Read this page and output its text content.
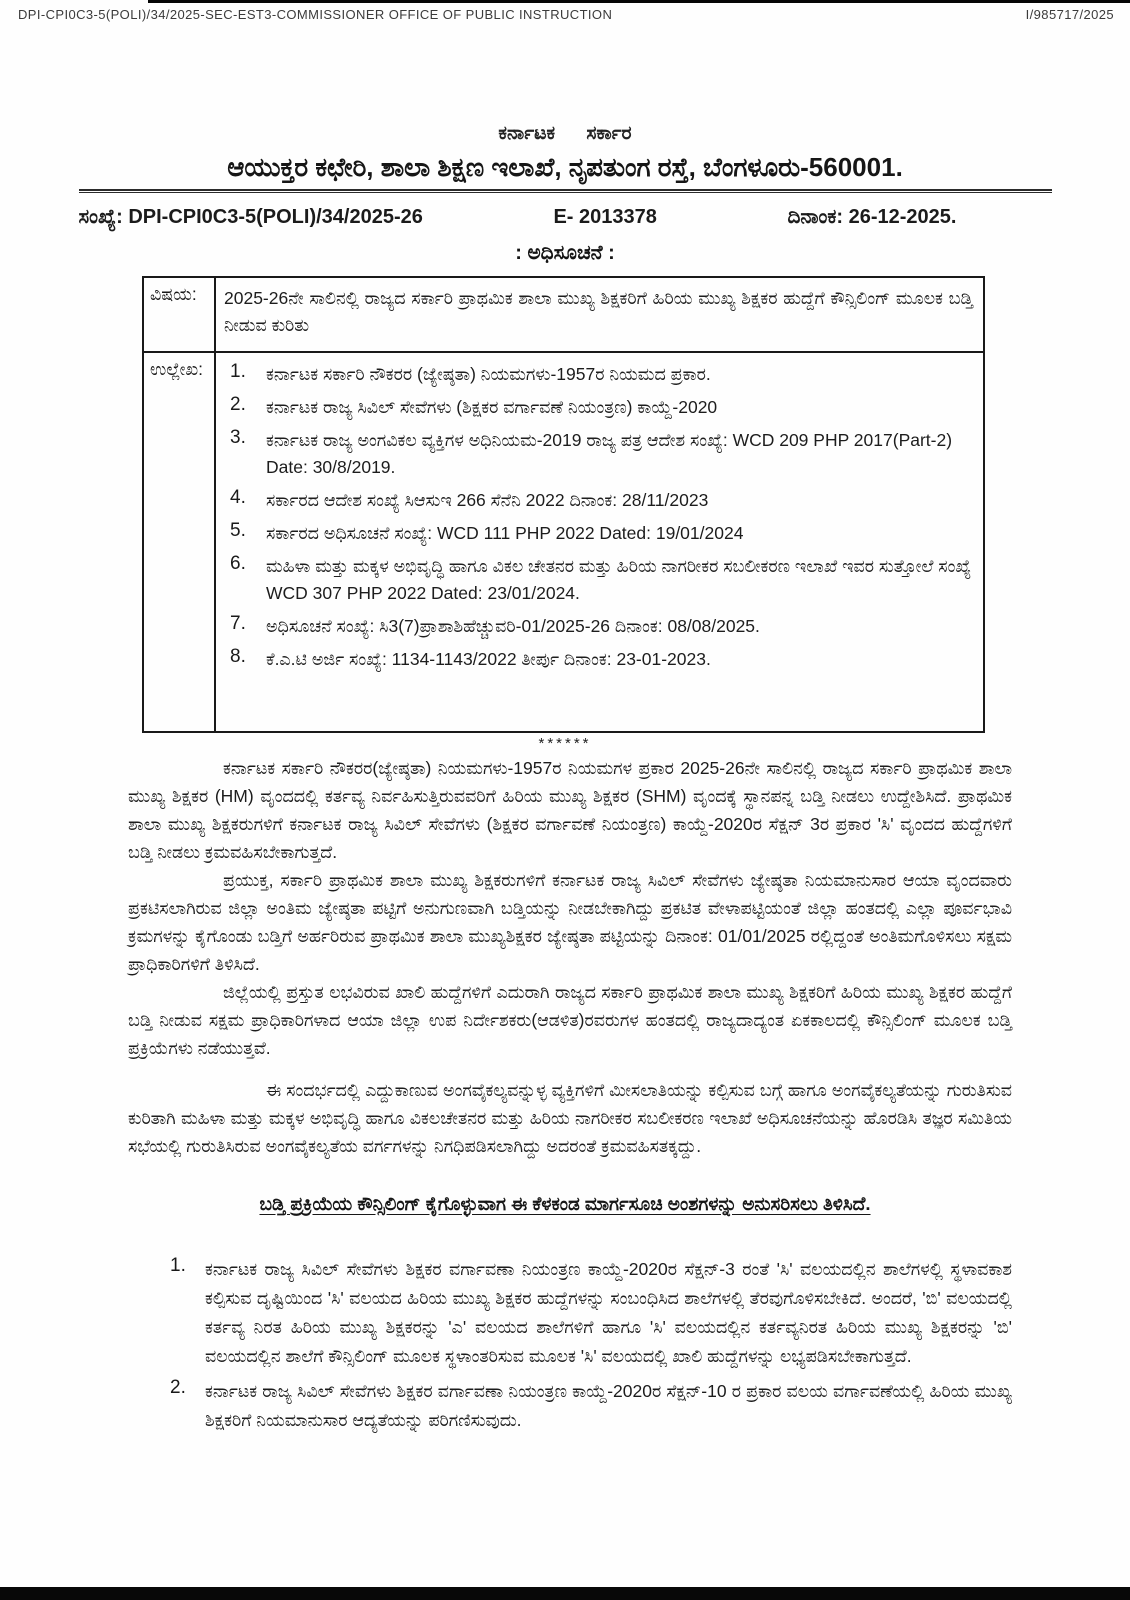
DPI-CPI0C3-5(POLI)/34/2025-SEC-EST3-COMMISSIONER OFFICE OF PUBLIC INSTRUCTION	I/985717/2025
ಕರ್ನಾಟಕ ಸರ್ಕಾರ
ಆಯುಕ್ತರ ಕಛೇರಿ, ಶಾಲಾ ಶಿಕ್ಷಣ ಇಲಾಖೆ, ನೃಪತುಂಗ ರಸ್ತೆ, ಬೆಂಗಳೂರು-560001.
ಸಂಖ್ಯೆ: DPI-CPI0C3-5(POLI)/34/2025-26	E- 2013378	ದಿನಾಂಕ: 26-12-2025.
: ಅಧಿಸೂಚನೆ :
ವಿಷಯ:	2025-26ನೇ ಸಾಲಿನಲ್ಲಿ ರಾಜ್ಯದ ಸರ್ಕಾರಿ ಪ್ರಾಥಮಿಕ ಶಾಲಾ ಮುಖ್ಯ ಶಿಕ್ಷಕರಿಗೆ ಹಿರಿಯ ಮುಖ್ಯ ಶಿಕ್ಷಕರ ಹುದ್ದೆಗೆ ಕೌನ್ಸಿಲಿಂಗ್ ಮೂಲಕ ಬಡ್ತಿ ನೀಡುವ ಕುರಿತು
ಉಲ್ಲೇಖ:	1.	ಕರ್ನಾಟಕ ಸರ್ಕಾರಿ ನೌಕರರ (ಜ್ಯೇಷ್ಠತಾ) ನಿಯಮಗಳು-1957ರ ನಿಯಮದ ಪ್ರಕಾರ.
2.	ಕರ್ನಾಟಕ ರಾಜ್ಯ ಸಿವಿಲ್ ಸೇವೆಗಳು (ಶಿಕ್ಷಕರ ವರ್ಗಾವಣೆ ನಿಯಂತ್ರಣ) ಕಾಯ್ದೆ-2020
3.	ಕರ್ನಾಟಕ ರಾಜ್ಯ ಅಂಗವಿಕಲ ವ್ಯಕ್ತಿಗಳ ಅಧಿನಿಯಮ-2019 ರಾಜ್ಯ ಪತ್ರ ಆದೇಶ ಸಂಖ್ಯೆ: WCD 209 PHP 2017(Part-2) Date: 30/8/2019.
4.	ಸರ್ಕಾರದ ಆದೇಶ ಸಂಖ್ಯೆ ಸಿಆಸುಇ 266 ಸೆನೆನಿ 2022 ದಿನಾಂಕ: 28/11/2023
5.	ಸರ್ಕಾರದ ಅಧಿಸೂಚನೆ ಸಂಖ್ಯೆ: WCD 111 PHP 2022 Dated: 19/01/2024
6.	ಮಹಿಳಾ ಮತ್ತು ಮಕ್ಕಳ ಅಭಿವೃದ್ಧಿ ಹಾಗೂ ವಿಕಲ ಚೇತನರ ಮತ್ತು ಹಿರಿಯ ನಾಗರೀಕರ ಸಬಲೀಕರಣ ಇಲಾಖೆ ಇವರ ಸುತ್ತೋಲೆ ಸಂಖ್ಯೆ WCD 307 PHP 2022 Dated: 23/01/2024.
7.	ಅಧಿಸೂಚನೆ ಸಂಖ್ಯೆ: ಸಿ3(7)ಪ್ರಾಶಾಶಿಹೆಚ್ಚುವರಿ-01/2025-26 ದಿನಾಂಕ: 08/08/2025.
8.	ಕೆ.ಎ.ಟಿ ಅರ್ಜಿ ಸಂಖ್ಯೆ: 1134-1143/2022 ತೀರ್ಪು ದಿನಾಂಕ: 23-01-2023.
******

ಕರ್ನಾಟಕ ಸರ್ಕಾರಿ ನೌಕರರ(ಜ್ಯೇಷ್ಠತಾ) ನಿಯಮಗಳು-1957ರ ನಿಯಮಗಳ ಪ್ರಕಾರ 2025-26ನೇ ಸಾಲಿನಲ್ಲಿ ರಾಜ್ಯದ ಸರ್ಕಾರಿ ಪ್ರಾಥಮಿಕ ಶಾಲಾ ಮುಖ್ಯ ಶಿಕ್ಷಕರ (HM) ವೃಂದದಲ್ಲಿ ಕರ್ತವ್ಯ ನಿರ್ವಹಿಸುತ್ತಿರುವವರಿಗೆ ಹಿರಿಯ ಮುಖ್ಯ ಶಿಕ್ಷಕರ (SHM) ವೃಂದಕ್ಕೆ ಸ್ಥಾನಪನ್ನ ಬಡ್ತಿ ನೀಡಲು ಉದ್ದೇಶಿಸಿದೆ. ಪ್ರಾಥಮಿಕ ಶಾಲಾ ಮುಖ್ಯ ಶಿಕ್ಷಕರುಗಳಿಗೆ ಕರ್ನಾಟಕ ರಾಜ್ಯ ಸಿವಿಲ್ ಸೇವೆಗಳು (ಶಿಕ್ಷಕರ ವರ್ಗಾವಣೆ ನಿಯಂತ್ರಣ) ಕಾಯ್ದೆ-2020ರ ಸೆಕ್ಷನ್ 3ರ ಪ್ರಕಾರ 'ಸಿ' ವೃಂದದ ಹುದ್ದೆಗಳಿಗೆ ಬಡ್ತಿ ನೀಡಲು ಕ್ರಮವಹಿಸಬೇಕಾಗುತ್ತದೆ.

ಪ್ರಯುಕ್ತ, ಸರ್ಕಾರಿ ಪ್ರಾಥಮಿಕ ಶಾಲಾ ಮುಖ್ಯ ಶಿಕ್ಷಕರುಗಳಿಗೆ ಕರ್ನಾಟಕ ರಾಜ್ಯ ಸಿವಿಲ್ ಸೇವೆಗಳು ಜ್ಯೇಷ್ಠತಾ ನಿಯಮಾನುಸಾರ ಆಯಾ ವೃಂದವಾರು ಪ್ರಕಟಿಸಲಾಗಿರುವ ಜಿಲ್ಲಾ ಅಂತಿಮ ಜ್ಯೇಷ್ಠತಾ ಪಟ್ಟಿಗೆ ಅನುಗುಣವಾಗಿ ಬಡ್ತಿಯನ್ನು ನೀಡಬೇಕಾಗಿದ್ದು ಪ್ರಕಟಿತ ವೇಳಾಪಟ್ಟಿಯಂತೆ ಜಿಲ್ಲಾ ಹಂತದಲ್ಲಿ ಎಲ್ಲಾ ಪೂರ್ವಭಾವಿ ಕ್ರಮಗಳನ್ನು ಕೈಗೊಂಡು ಬಡ್ತಿಗೆ ಅರ್ಹರಿರುವ ಪ್ರಾಥಮಿಕ ಶಾಲಾ ಮುಖ್ಯಶಿಕ್ಷಕರ ಜ್ಯೇಷ್ಠತಾ ಪಟ್ಟಿಯನ್ನು ದಿನಾಂಕ: 01/01/2025 ರಲ್ಲಿದ್ದಂತೆ ಅಂತಿಮಗೊಳಿಸಲು ಸಕ್ಷಮ ಪ್ರಾಧಿಕಾರಿಗಳಿಗೆ ತಿಳಿಸಿದೆ.

ಜಿಲ್ಲೆಯಲ್ಲಿ ಪ್ರಸ್ತುತ ಲಭವಿರುವ ಖಾಲಿ ಹುದ್ದೆಗಳಿಗೆ ಎದುರಾಗಿ ರಾಜ್ಯದ ಸರ್ಕಾರಿ ಪ್ರಾಥಮಿಕ ಶಾಲಾ ಮುಖ್ಯ ಶಿಕ್ಷಕರಿಗೆ ಹಿರಿಯ ಮುಖ್ಯ ಶಿಕ್ಷಕರ ಹುದ್ದೆಗೆ ಬಡ್ತಿ ನೀಡುವ ಸಕ್ಷಮ ಪ್ರಾಧಿಕಾರಿಗಳಾದ ಆಯಾ ಜಿಲ್ಲಾ ಉಪ ನಿರ್ದೇಶಕರು(ಆಡಳಿತ)ರವರುಗಳ ಹಂತದಲ್ಲಿ ರಾಜ್ಯದಾದ್ಯಂತ ಏಕಕಾಲದಲ್ಲಿ ಕೌನ್ಸಿಲಿಂಗ್ ಮೂಲಕ ಬಡ್ತಿ ಪ್ರಕ್ರಿಯೆಗಳು ನಡೆಯುತ್ತವೆ.

ಈ ಸಂದರ್ಭದಲ್ಲಿ ಎದ್ದುಕಾಣುವ ಅಂಗವೈಕಲ್ಯವನ್ನುಳ್ಳ ವ್ಯಕ್ತಿಗಳಿಗೆ ಮೀಸಲಾತಿಯನ್ನು ಕಲ್ಪಿಸುವ ಬಗ್ಗೆ ಹಾಗೂ ಅಂಗವೈಕಲ್ಯತೆಯನ್ನು ಗುರುತಿಸುವ ಕುರಿತಾಗಿ ಮಹಿಳಾ ಮತ್ತು ಮಕ್ಕಳ ಅಭಿವೃದ್ಧಿ ಹಾಗೂ ವಿಕಲಚೇತನರ ಮತ್ತು ಹಿರಿಯ ನಾಗರೀಕರ ಸಬಲೀಕರಣ ಇಲಾಖೆ ಅಧಿಸೂಚನೆಯನ್ನು ಹೊರಡಿಸಿ ತಜ್ಞರ ಸಮಿತಿಯ ಸಭೆಯಲ್ಲಿ ಗುರುತಿಸಿರುವ ಅಂಗವೈಕಲ್ಯತೆಯ ವರ್ಗಗಳನ್ನು ನಿಗಧಿಪಡಿಸಲಾಗಿದ್ದು ಅದರಂತೆ ಕ್ರಮವಹಿಸತಕ್ಕದ್ದು.

ಬಡ್ತಿ ಪ್ರಕ್ರಿಯೆಯ ಕೌನ್ಸಿಲಿಂಗ್ ಕೈಗೊಳ್ಳುವಾಗ ಈ ಕೆಳಕಂಡ ಮಾರ್ಗಸೂಚಿ ಅಂಶಗಳನ್ನು ಅನುಸರಿಸಲು ತಿಳಿಸಿದೆ.
1.	ಕರ್ನಾಟಕ ರಾಜ್ಯ ಸಿವಿಲ್ ಸೇವೆಗಳು ಶಿಕ್ಷಕರ ವರ್ಗಾವಣಾ ನಿಯಂತ್ರಣ ಕಾಯ್ದೆ-2020ರ ಸೆಕ್ಷನ್-3 ರಂತೆ 'ಸಿ' ವಲಯದಲ್ಲಿನ ಶಾಲೆಗಳಲ್ಲಿ ಸ್ಥಳಾವಕಾಶ ಕಲ್ಪಿಸುವ ದೃಷ್ಟಿಯಿಂದ 'ಸಿ' ವಲಯದ ಹಿರಿಯ ಮುಖ್ಯ ಶಿಕ್ಷಕರ ಹುದ್ದೆಗಳನ್ನು ಸಂಬಂಧಿಸಿದ ಶಾಲೆಗಳಲ್ಲಿ ತೆರವುಗೊಳಿಸಬೇಕಿದೆ. ಅಂದರೆ, 'ಬಿ' ವಲಯದಲ್ಲಿ ಕರ್ತವ್ಯ ನಿರತ ಹಿರಿಯ ಮುಖ್ಯ ಶಿಕ್ಷಕರನ್ನು 'ಎ' ವಲಯದ ಶಾಲೆಗಳಿಗೆ ಹಾಗೂ 'ಸಿ' ವಲಯದಲ್ಲಿನ ಕರ್ತವ್ಯನಿರತ ಹಿರಿಯ ಮುಖ್ಯ ಶಿಕ್ಷಕರನ್ನು 'ಬಿ' ವಲಯದಲ್ಲಿನ ಶಾಲೆಗೆ ಕೌನ್ಸಿಲಿಂಗ್ ಮೂಲಕ ಸ್ಥಳಾಂತರಿಸುವ ಮೂಲಕ 'ಸಿ' ವಲಯದಲ್ಲಿ ಖಾಲಿ ಹುದ್ದೆಗಳನ್ನು ಲಭ್ಯಪಡಿಸಬೇಕಾಗುತ್ತದೆ.
2.	ಕರ್ನಾಟಕ ರಾಜ್ಯ ಸಿವಿಲ್ ಸೇವೆಗಳು ಶಿಕ್ಷಕರ ವರ್ಗಾವಣಾ ನಿಯಂತ್ರಣ ಕಾಯ್ದೆ-2020ರ ಸೆಕ್ಷನ್-10 ರ ಪ್ರಕಾರ ವಲಯ ವರ್ಗಾವಣೆಯಲ್ಲಿ ಹಿರಿಯ ಮುಖ್ಯ ಶಿಕ್ಷಕರಿಗೆ ನಿಯಮಾನುಸಾರ ಆದ್ಯತೆಯನ್ನು ಪರಿಗಣಿಸುವುದು.
